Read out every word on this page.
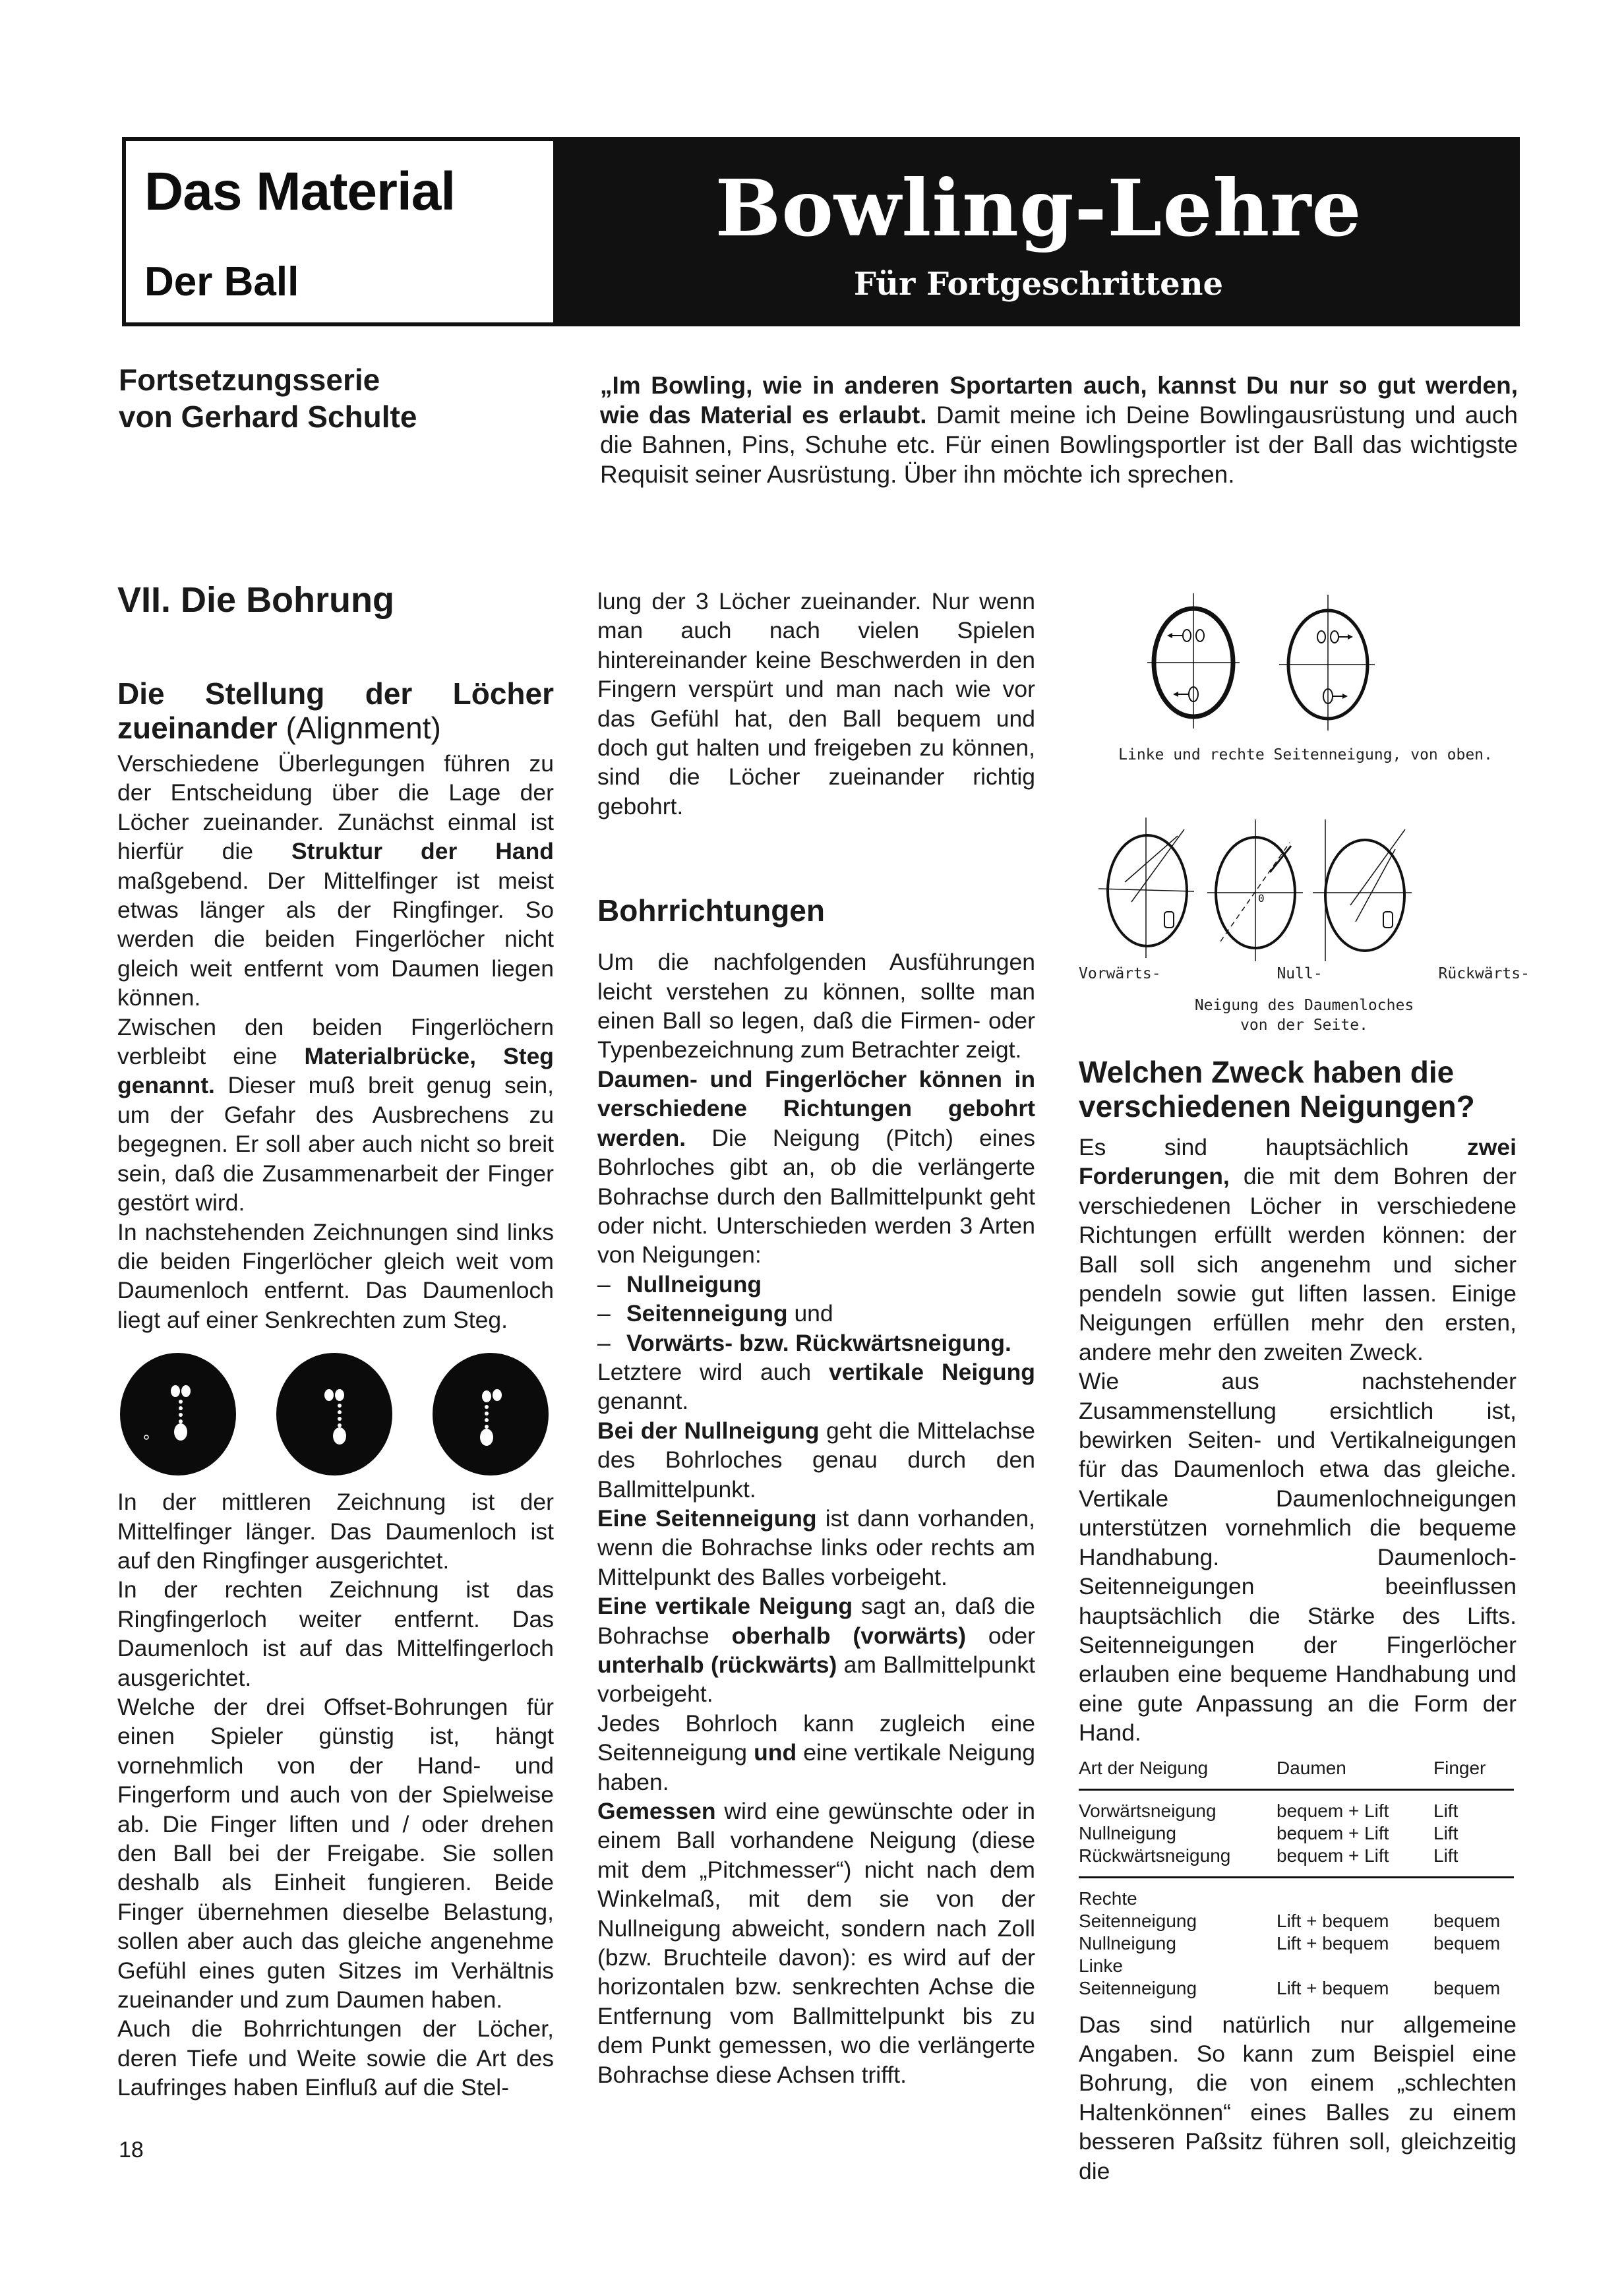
Das Material
Der Ball
Bowling-Lehre
Für Fortgeschrittene
Fortsetzungsserie
von Gerhard Schulte
„Im Bowling, wie in anderen Sportarten auch, kannst Du nur so gut werden, wie das Material es erlaubt. Damit meine ich Deine Bowlingausrüstung und auch die Bahnen, Pins, Schuhe etc. Für einen Bowlingsportler ist der Ball das wichtigste Requisit seiner Ausrüstung. Über ihn möchte ich sprechen.
VII. Die Bohrung
Die Stellung der Löcher zueinander (Alignment)

Verschiedene Überlegungen führen zu der Entscheidung über die Lage der Löcher zueinander. Zunächst einmal ist hierfür die Struktur der Hand maßgebend. Der Mittelfinger ist meist etwas länger als der Ringfinger. So werden die beiden Fingerlöcher nicht gleich weit entfernt vom Daumen liegen können.

Zwischen den beiden Fingerlöchern verbleibt eine Materialbrücke, Steg genannt. Dieser muß breit genug sein, um der Gefahr des Ausbrechens zu begegnen. Er soll aber auch nicht so breit sein, daß die Zusammenarbeit der Finger gestört wird.

In nachstehenden Zeichnungen sind links die beiden Fingerlöcher gleich weit vom Daumenloch entfernt. Das Daumenloch liegt auf einer Senkrechten zum Steg.

In der mittleren Zeichnung ist der Mittelfinger länger. Das Daumenloch ist auf den Ringfinger ausgerichtet.

In der rechten Zeichnung ist das Ringfingerloch weiter entfernt. Das Daumenloch ist auf das Mittelfingerloch ausgerichtet.

Welche der drei Offset-Bohrungen für einen Spieler günstig ist, hängt vornehmlich von der Hand- und Fingerform und auch von der Spielweise ab. Die Finger liften und / oder drehen den Ball bei der Freigabe. Sie sollen deshalb als Einheit fungieren. Beide Finger übernehmen dieselbe Belastung, sollen aber auch das gleiche angenehme Gefühl eines guten Sitzes im Verhältnis zueinander und zum Daumen haben.

Auch die Bohrrichtungen der Löcher, deren Tiefe und Weite sowie die Art des Laufringes haben Einfluß auf die Stel-

lung der 3 Löcher zueinander. Nur wenn man auch nach vielen Spielen hintereinander keine Beschwerden in den Fingern verspürt und man nach wie vor das Gefühl hat, den Ball bequem und doch gut halten und freigeben zu können, sind die Löcher zueinander richtig gebohrt.

Bohrrichtungen

Um die nachfolgenden Ausführungen leicht verstehen zu können, sollte man einen Ball so legen, daß die Firmen- oder Typenbezeichnung zum Betrachter zeigt.

Daumen- und Fingerlöcher können in verschiedene Richtungen gebohrt werden. Die Neigung (Pitch) eines Bohrloches gibt an, ob die verlängerte Bohrachse durch den Ballmittelpunkt geht oder nicht. Unterschieden werden 3 Arten von Neigungen:

– Nullneigung
– Seitenneigung und
– Vorwärts- bzw. Rückwärtsneigung.

Letztere wird auch vertikale Neigung genannt.

Bei der Nullneigung geht die Mittelachse des Bohrloches genau durch den Ballmittelpunkt.

Eine Seitenneigung ist dann vorhanden, wenn die Bohrachse links oder rechts am Mittelpunkt des Balles vorbeigeht.

Eine vertikale Neigung sagt an, daß die Bohrachse oberhalb (vorwärts) oder unterhalb (rückwärts) am Ballmittelpunkt vorbeigeht.

Jedes Bohrloch kann zugleich eine Seitenneigung und eine vertikale Neigung haben.

Gemessen wird eine gewünschte oder in einem Ball vorhandene Neigung (diese mit dem „Pitchmesser“) nicht nach dem Winkelmaß, mit dem sie von der Nullneigung abweicht, sondern nach Zoll (bzw. Bruchteile davon): es wird auf der horizontalen bzw. senkrechten Achse die Entfernung vom Ballmittelpunkt bis zu dem Punkt gemessen, wo die verlängerte Bohrachse diese Achsen trifft.

Linke und rechte Seitenneigung, von oben.
0
Vorwärts-	Null-	Rückwärts-
Neigung des Daumenloches
von der Seite.
Welchen Zweck haben die verschiedenen Neigungen?

Es sind hauptsächlich zwei Forderungen, die mit dem Bohren der verschiedenen Löcher in verschiedene Richtungen erfüllt werden können: der Ball soll sich angenehm und sicher pendeln sowie gut liften lassen. Einige Neigungen erfüllen mehr den ersten, andere mehr den zweiten Zweck.

Wie aus nachstehender Zusammenstellung ersichtlich ist, bewirken Seiten- und Vertikalneigungen für das Daumenloch etwa das gleiche. Vertikale Daumenlochneigungen unterstützen vornehmlich die bequeme Handhabung. Daumenloch-Seitenneigungen beeinflussen hauptsächlich die Stärke des Lifts. Seitenneigungen der Fingerlöcher erlauben eine bequeme Handhabung und eine gute Anpassung an die Form der Hand.

Art der Neigung	Daumen	Finger

Vorwärtsneigung	bequem + Lift	Lift
Nullneigung	bequem + Lift	Lift
Rückwärtsneigung	bequem + Lift	Lift

Rechte		
Seitenneigung	Lift + bequem	bequem
Nullneigung	Lift + bequem	bequem
Linke		
Seitenneigung	Lift + bequem	bequem

Das sind natürlich nur allgemeine Angaben. So kann zum Beispiel eine Bohrung, die von einem „schlechten Haltenkönnen“ eines Balles zu einem besseren Paßsitz führen soll, gleichzeitig die

18
